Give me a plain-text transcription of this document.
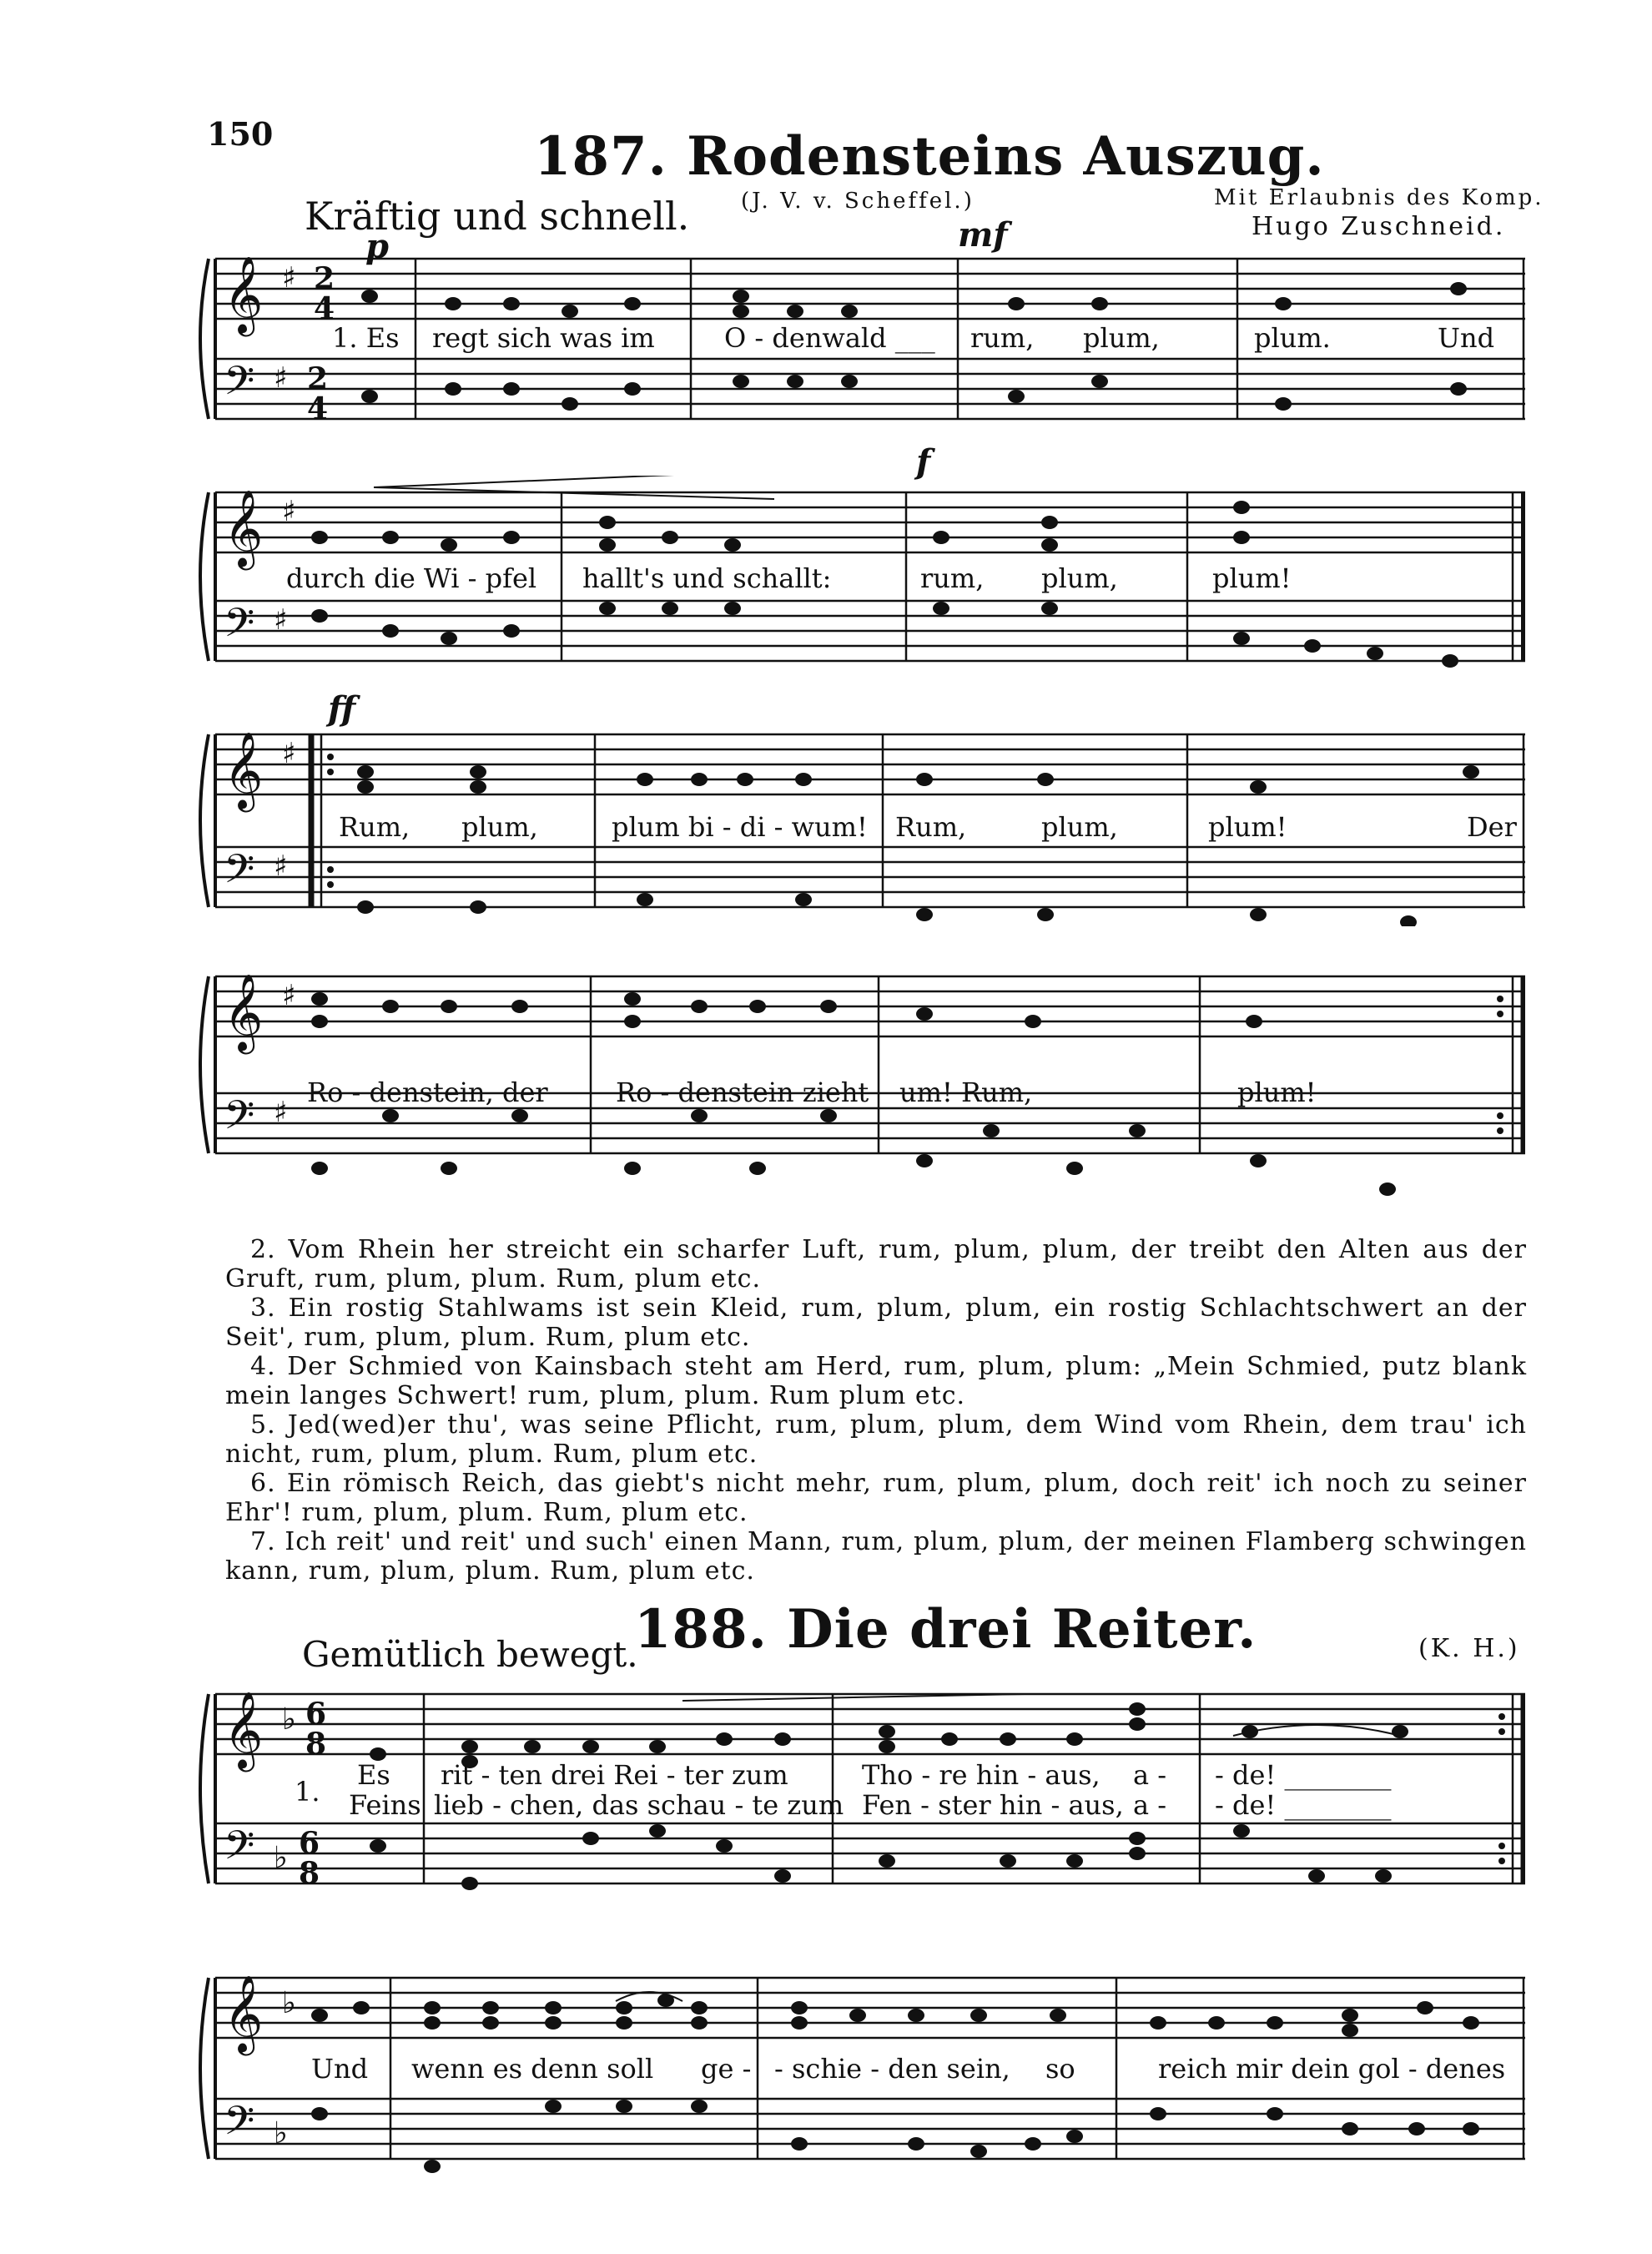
150	187. Rodensteins Auszug.
Kräftig und schnell. (J. V. v. Scheffel.)	Mit Erlaubnis des Komp.
Hugo Zuschneid.
𝄞
𝄢
♯
♯
2
4
2
4
p	mf
1. Es regt sich was im	O - denwald ___ rum, plum,	plum.	Und
𝄞
𝄢
♯
♯
f
durch die Wi - pfel hallt's und schallt:	rum, plum,	plum!
𝄞
𝄢
♯
♯
ff
Rum, plum,	plum bi - di - wum! Rum,	plum,	plum!	Der
𝄞
𝄢
♯
♯
Ro - denstein, der	Ro - denstein zieht um! Rum,	plum!

2. Vom Rhein her streicht ein scharfer Luft, rum, plum, plum, der treibt den Alten aus der Gruft, rum, plum, plum. Rum, plum etc.

3. Ein rostig Stahlwams ist sein Kleid, rum, plum, plum, ein rostig Schlachtschwert an der Seit', rum, plum, plum. Rum, plum etc.

4. Der Schmied von Kainsbach steht am Herd, rum, plum, plum: „Mein Schmied, putz blank mein langes Schwert! rum, plum, plum. Rum plum etc.

5. Jed(wed)er thu', was seine Pflicht, rum, plum, plum, dem Wind vom Rhein, dem trau' ich nicht, rum, plum, plum. Rum, plum etc.

6. Ein römisch Reich, das giebt's nicht mehr, rum, plum, plum, doch reit' ich noch zu seiner Ehr'! rum, plum, plum. Rum, plum etc.

7. Ich reit' und reit' und such' einen Mann, rum, plum, plum, der meinen Flamberg schwingen kann, rum, plum, plum. Rum, plum etc.

188. Die drei Reiter.
Gemütlich bewegt.	(K. H.)
𝄞
𝄢
♭
♭
6
8
6
8
1.
Es rit - ten drei Rei - ter zum	Tho - re hin - aus, a - - de! ________
Feins lieb - chen, das schau - te zum Fen - ster hin - aus, a - - de! ________
𝄞
𝄢
♭
♭
Und wenn es denn soll ge - - schie - den sein, so	reich mir dein gol - denes
